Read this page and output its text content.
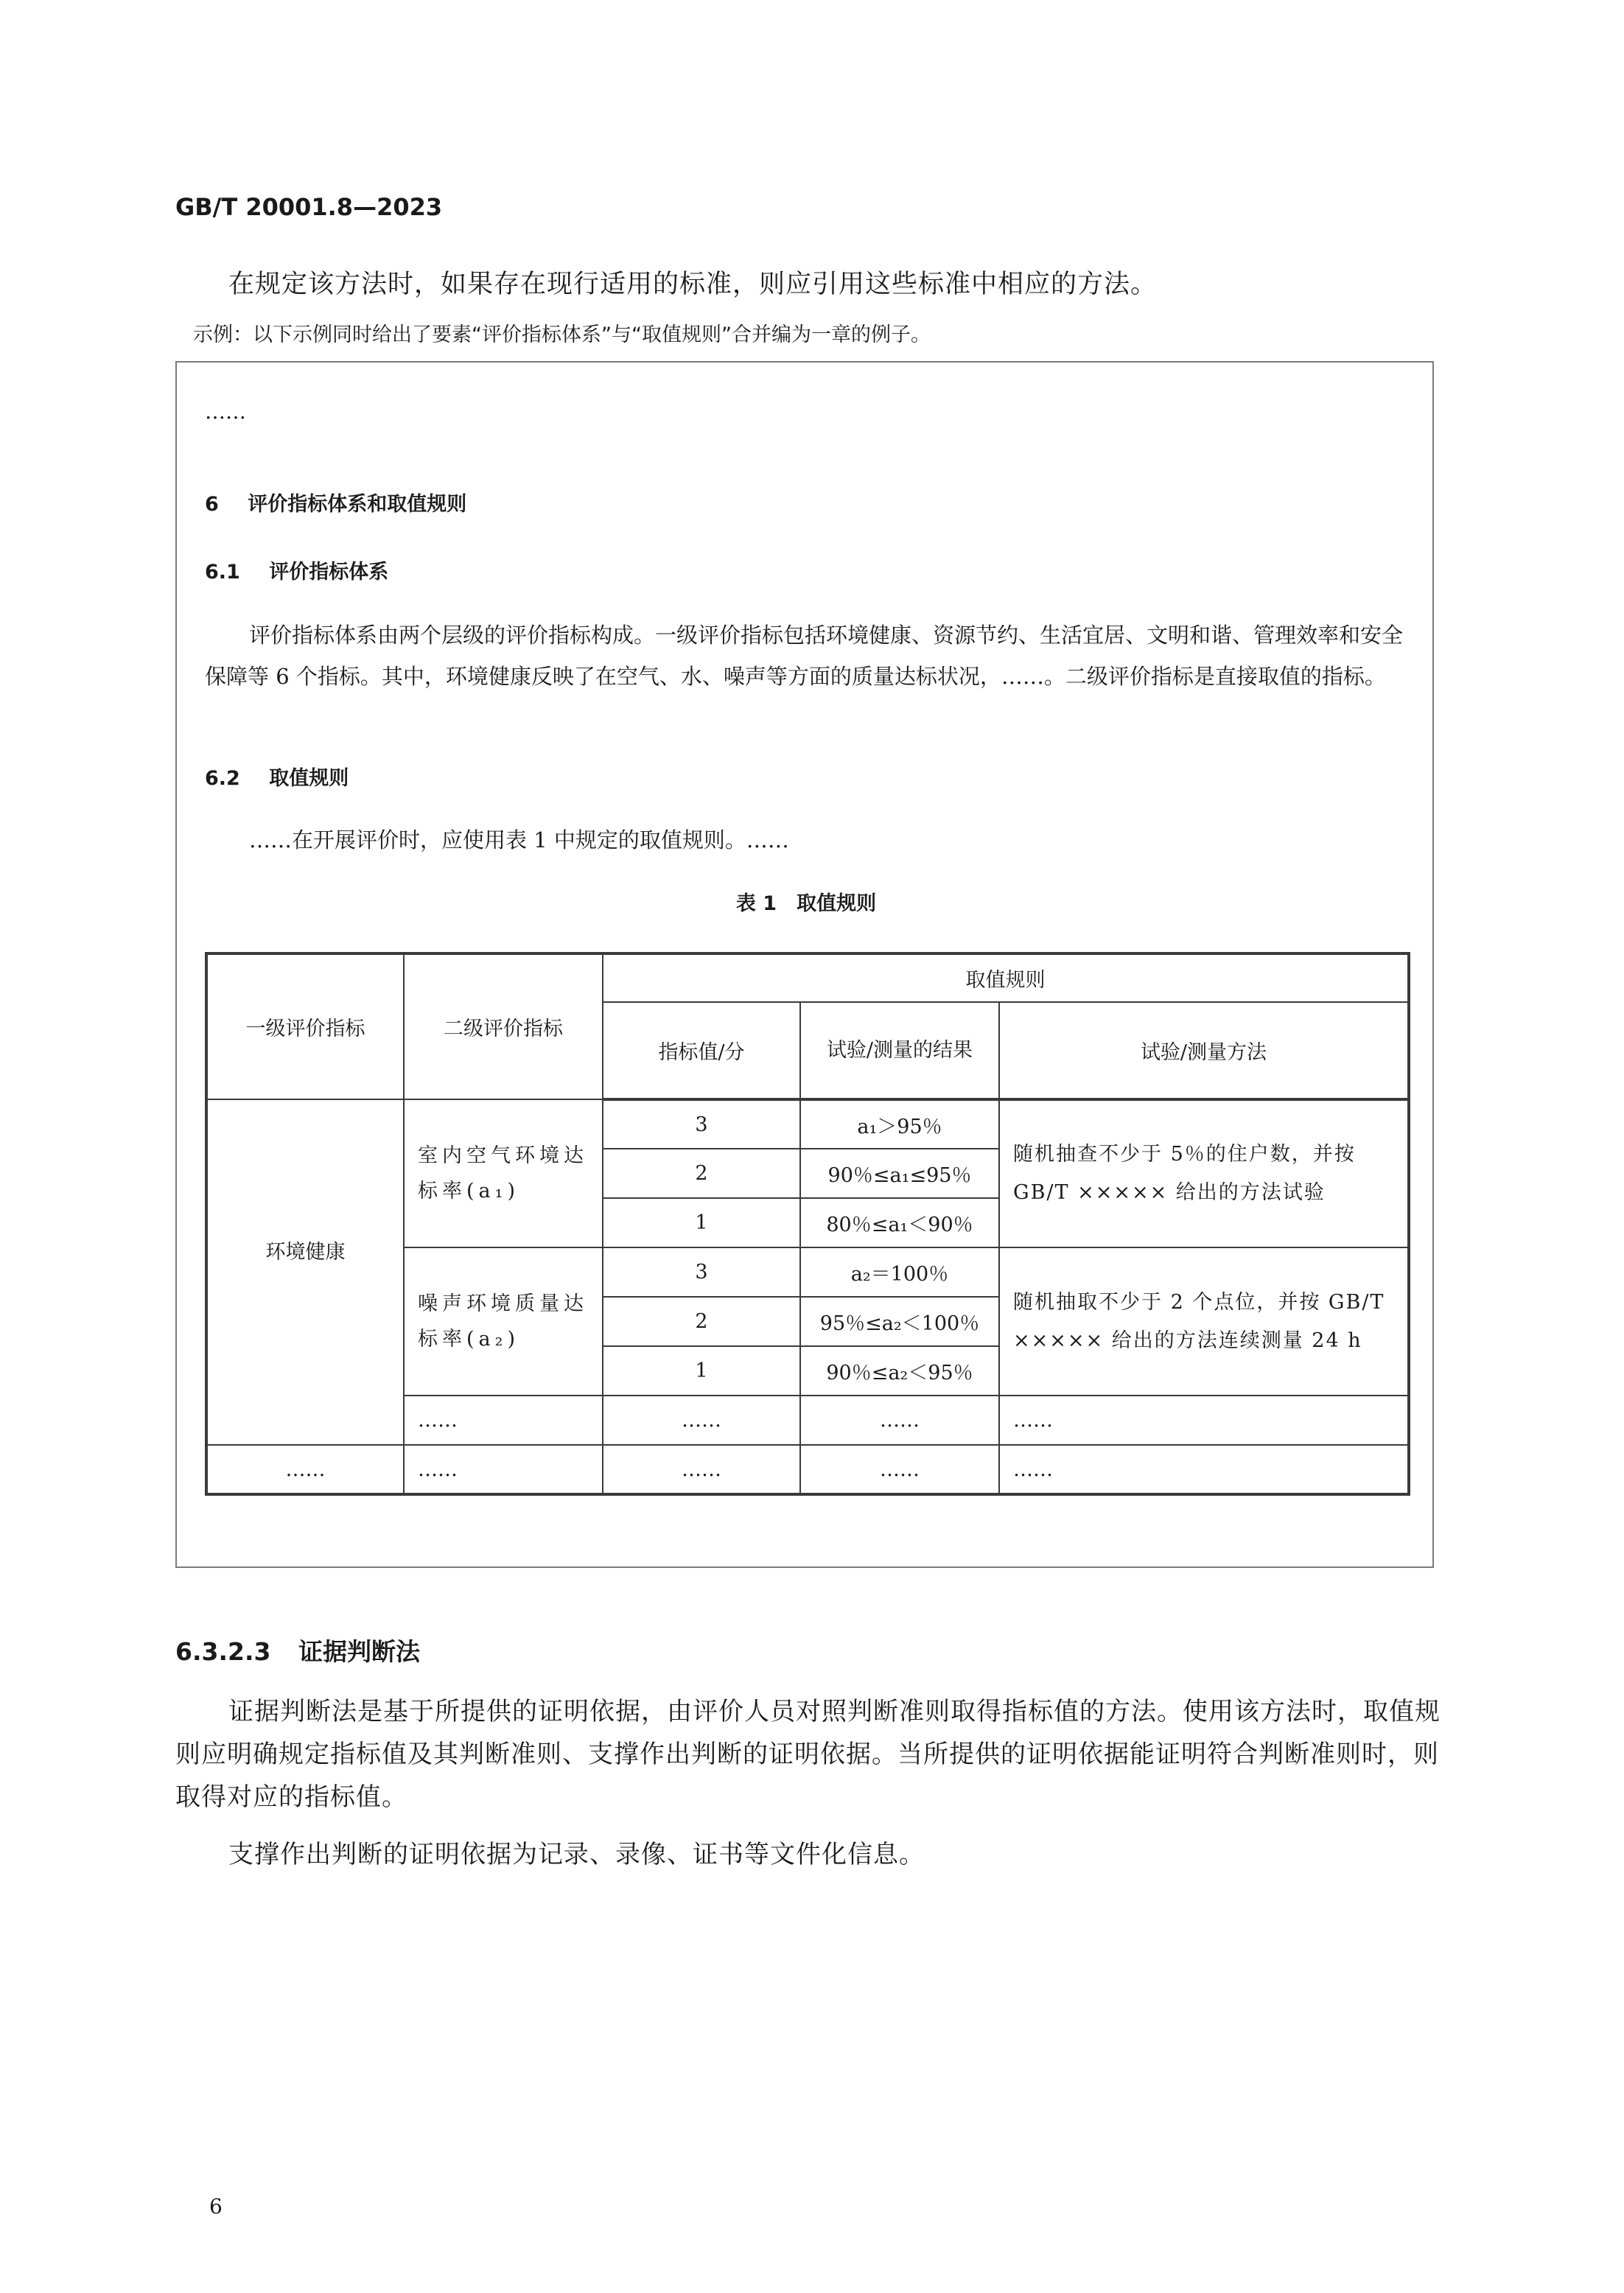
GB/T 20001.8—2023
在规定该方法时，如果存在现行适用的标准，则应引用这些标准中相应的方法。
示例：以下示例同时给出了要素“评价指标体系”与“取值规则”合并编为一章的例子。
……
6 评价指标体系和取值规则
6.1 评价指标体系
评价指标体系由两个层级的评价指标构成。一级评价指标包括环境健康、资源节约、生活宜居、文明和谐、管理效率和安全保障等 6 个指标。其中，环境健康反映了在空气、水、噪声等方面的质量达标状况，……。二级评价指标是直接取值的指标。
6.2 取值规则
……在开展评价时，应使用表 1 中规定的取值规则。……
表 1　取值规则
一级评价指标	二级评价指标	取值规则		
		指标值/分	试验/测量的结果	试验/测量方法
环境健康	室内空气环境达标率(a₁)	3	a₁＞95％	随机抽查不少于 5％的住户数，并按 GB/T ××××× 给出的方法试验
		2	90％≤a₁≤95％	
		1	80％≤a₁＜90％	
	噪声环境质量达标率(a₂)	3	a₂＝100％	随机抽取不少于 2 个点位，并按 GB/T ××××× 给出的方法连续测量 24 h
		2	95％≤a₂＜100％	
		1	90％≤a₂＜95％	
	……	……	……	……
……	……	……	……	……
6.3.2.3 证据判断法
证据判断法是基于所提供的证明依据，由评价人员对照判断准则取得指标值的方法。使用该方法时，取值规则应明确规定指标值及其判断准则、支撑作出判断的证明依据。当所提供的证明依据能证明符合判断准则时，则取得对应的指标值。
支撑作出判断的证明依据为记录、录像、证书等文件化信息。
6
